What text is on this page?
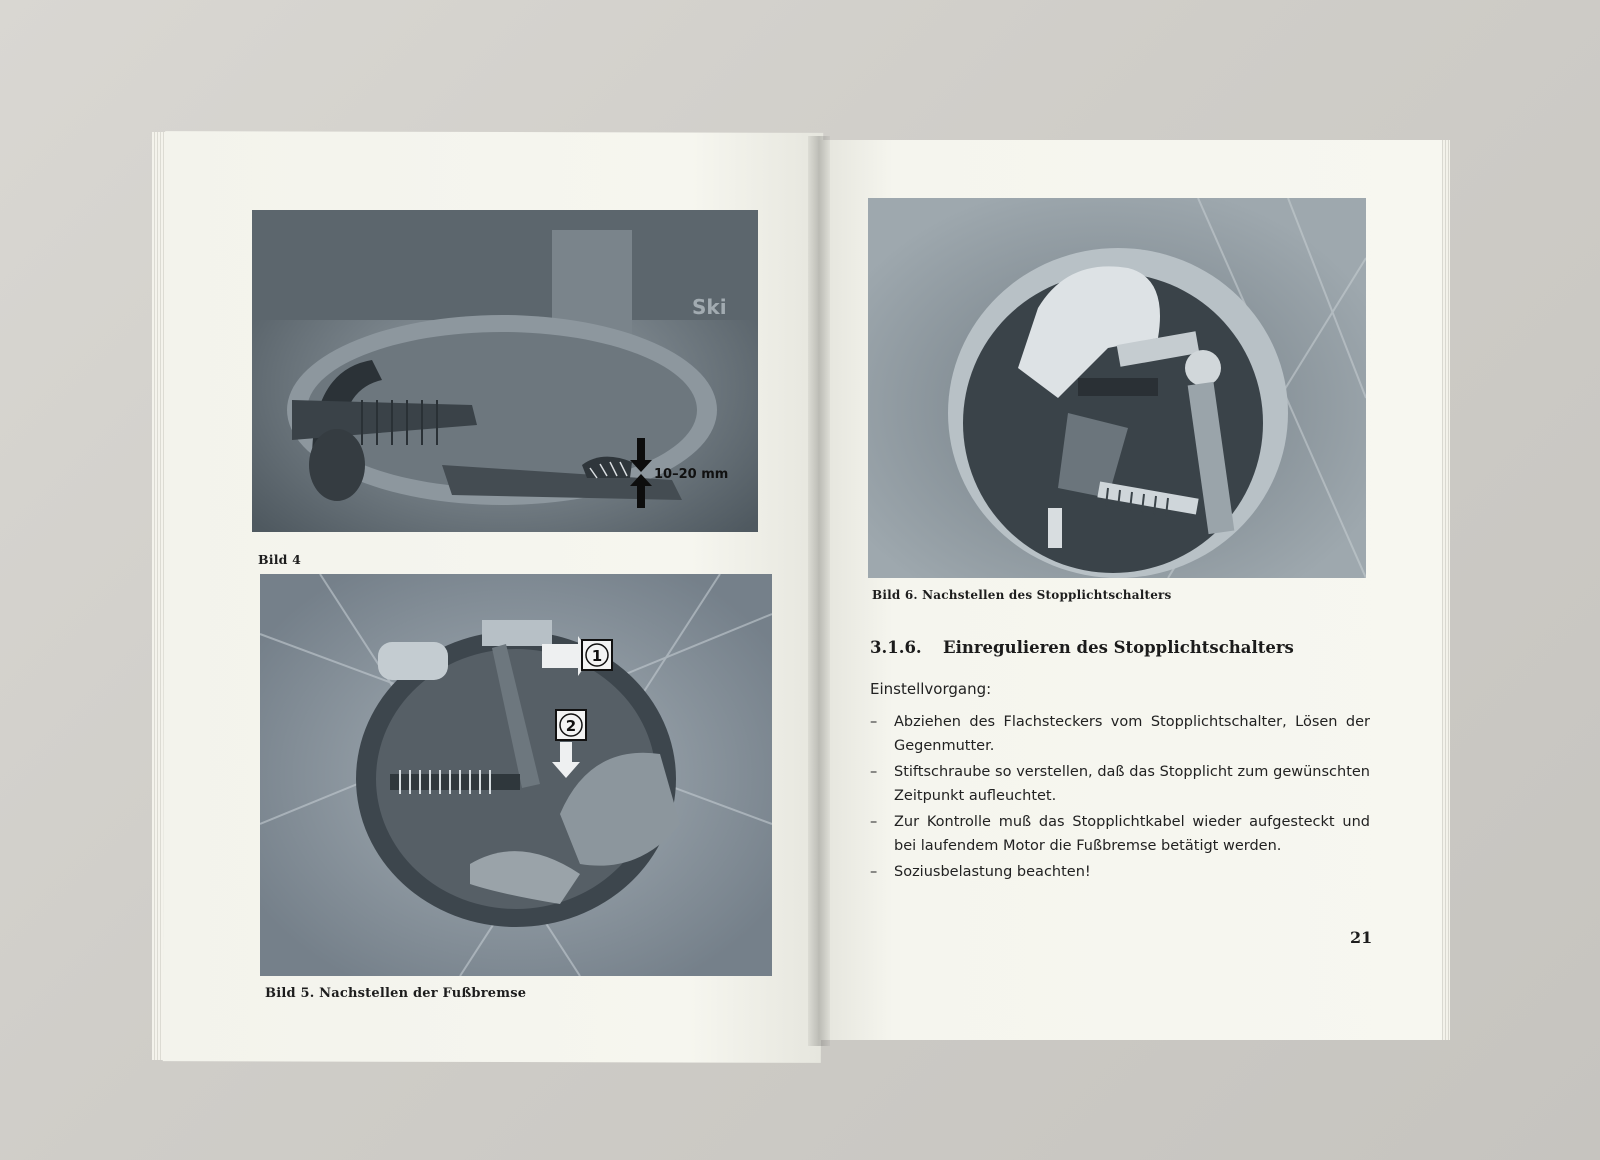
10–20 mm
Ski
Bild 4
1
2
Bild 5. Nachstellen der Fußbremse
Bild 6. Nachstellen des Stopplichtschalters
3.1.6. Einregulieren des Stopplichtschalters
Einstellvorgang:
– Abziehen des Flachsteckers vom Stopplichtschalter, Lösen der Gegenmutter.
– Stiftschraube so verstellen, daß das Stopplicht zum gewünschten Zeitpunkt aufleuchtet.
– Zur Kontrolle muß das Stopplichtkabel wieder aufgesteckt und bei laufendem Motor die Fußbremse betätigt werden.
– Soziusbelastung beachten!
21
